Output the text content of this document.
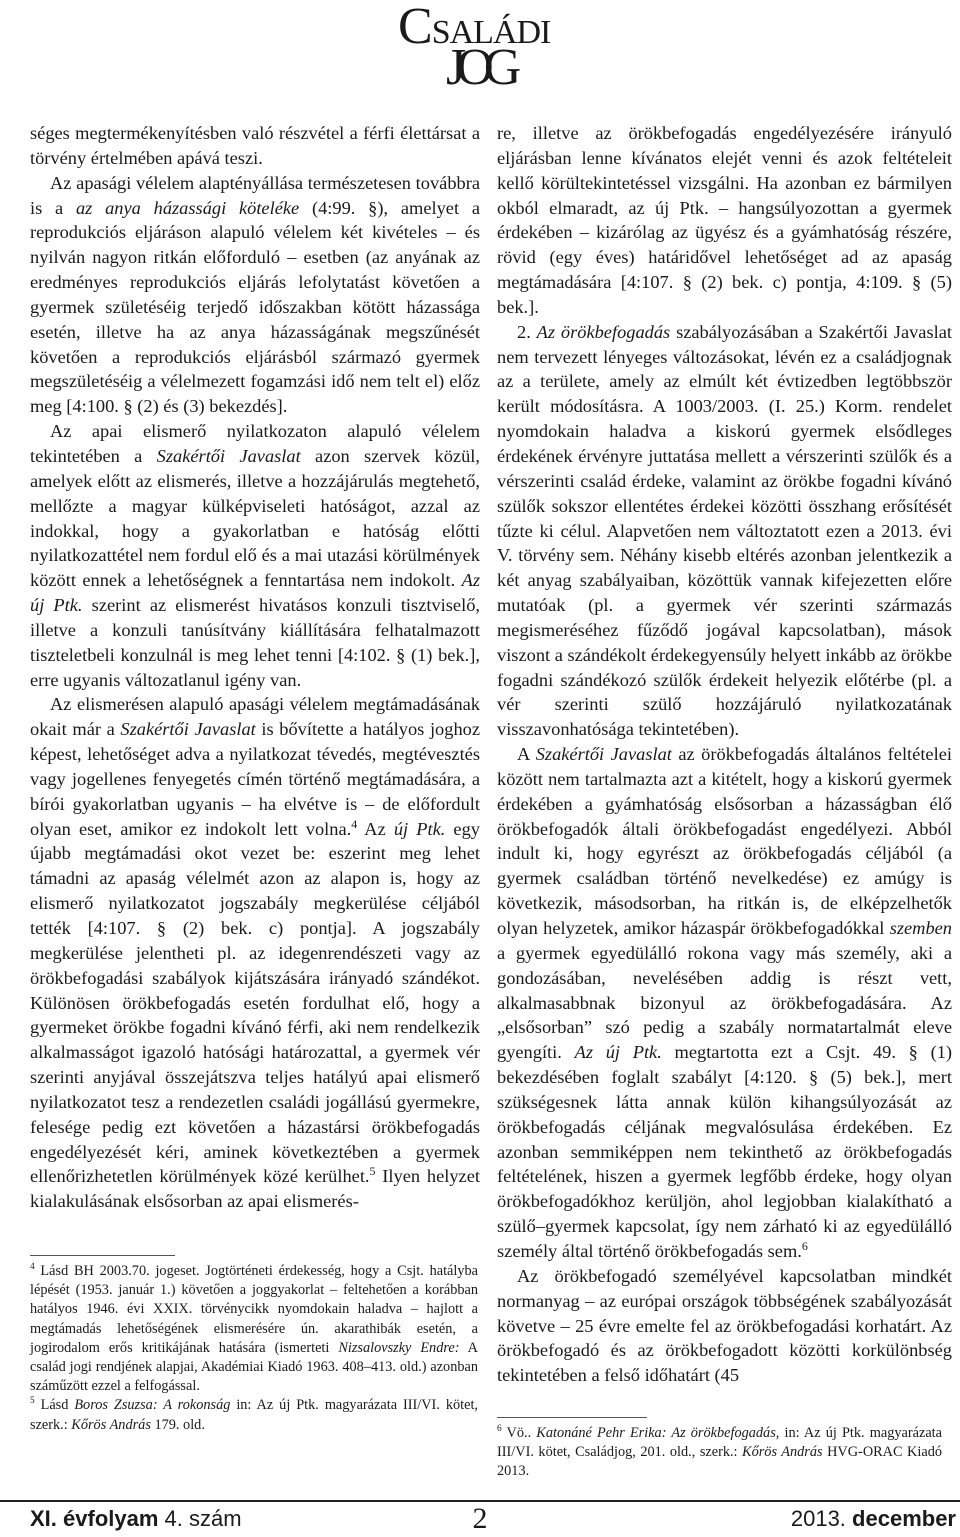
CSALÁDI
JOG

séges megtermékenyítésben való részvétel a férfi élettársat a törvény értelmében apává teszi.

Az apasági vélelem alaptényállása természetesen továbbra is a az anya házassági köteléke (4:99. §), amelyet a reprodukciós eljáráson alapuló vélelem két kivételes – és nyilván nagyon ritkán előforduló – esetben (az anyának az eredményes reprodukciós eljárás lefolytatást követően a gyermek születéséig terjedő időszakban kötött házassága esetén, illetve ha az anya házasságának megszűnését követően a reprodukciós eljárásból származó gyermek megszületéséig a vélelmezett fogamzási idő nem telt el) előz meg [4:100. § (2) és (3) bekezdés].

Az apai elismerő nyilatkozaton alapuló vélelem tekintetében a Szakértői Javaslat azon szervek közül, amelyek előtt az elismerés, illetve a hozzájárulás megtehető, mellőzte a magyar külképviseleti hatóságot, azzal az indokkal, hogy a gyakorlatban e hatóság előtti nyilatkozattétel nem fordul elő és a mai utazási körülmények között ennek a lehetőségnek a fenntartása nem indokolt. Az új Ptk. szerint az elismerést hivatásos konzuli tisztviselő, illetve a konzuli tanúsítvány kiállítására felhatalmazott tiszteletbeli konzulnál is meg lehet tenni [4:102. § (1) bek.], erre ugyanis változatlanul igény van.

Az elismerésen alapuló apasági vélelem megtámadásának okait már a Szakértői Javaslat is bővítette a hatályos joghoz képest, lehetőséget adva a nyilatkozat tévedés, megtévesztés vagy jogellenes fenyegetés címén történő megtámadására, a bírói gyakorlatban ugyanis – ha elvétve is – de előfordult olyan eset, amikor ez indokolt lett volna.$^4$ Az új Ptk. egy újabb megtámadási okot vezet be: eszerint meg lehet támadni az apaság vélelmét azon az alapon is, hogy az elismerő nyilatkozatot jogszabály megkerülése céljából tették [4:107. § (2) bek. c) pontja]. A jogszabály megkerülése jelentheti pl. az idegenrendészeti vagy az örökbefogadási szabályok kijátszására irányadó szándékot. Különösen örökbefogadás esetén fordulhat elő, hogy a gyermeket örökbe fogadni kívánó férfi, aki nem rendelkezik alkalmasságot igazoló hatósági határozattal, a gyermek vér szerinti anyjával összejátszva teljes hatályú apai elismerő nyilatkozatot tesz a rendezetlen családi jogállású gyermekre, felesége pedig ezt követően a házastársi örökbefogadás engedélyezését kéri, aminek következtében a gyermek ellenőrizhetetlen körülmények közé kerülhet.$^5$ Ilyen helyzet kialakulásának elsősorban az apai elismerés-

re, illetve az örökbefogadás engedélyezésére irányuló eljárásban lenne kívánatos elejét venni és azok feltételeit kellő körültekintetéssel vizsgálni. Ha azonban ez bármilyen okból elmaradt, az új Ptk. – hangsúlyozottan a gyermek érdekében – kizárólag az ügyész és a gyámhatóság részére, rövid (egy éves) határidővel lehetőséget ad az apaság megtámadására [4:107. § (2) bek. c) pontja, 4:109. § (5) bek.].

2. Az örökbefogadás szabályozásában a Szakértői Javaslat nem tervezett lényeges változásokat, lévén ez a családjognak az a területe, amely az elmúlt két évtizedben legtöbbször került módosításra. A 1003/2003. (I. 25.) Korm. rendelet nyomdokain haladva a kiskorú gyermek elsődleges érdekének érvényre juttatása mellett a vérszerinti szülők és a vérszerinti család érdeke, valamint az örökbe fogadni kívánó szülők sokszor ellentétes érdekei közötti összhang erősítését tűzte ki célul. Alapvetően nem változtatott ezen a 2013. évi V. törvény sem. Néhány kisebb eltérés azonban jelentkezik a két anyag szabályaiban, közöttük vannak kifejezetten előre mutatóak (pl. a gyermek vér szerinti származás megismeréséhez fűződő jogával kapcsolatban), mások viszont a szándékolt érdekegyensúly helyett inkább az örökbe fogadni szándékozó szülők érdekeit helyezik előtérbe (pl. a vér szerinti szülő hozzájáruló nyilatkozatának visszavonhatósága tekintetében).

A Szakértői Javaslat az örökbefogadás általános feltételei között nem tartalmazta azt a kitételt, hogy a kiskorú gyermek érdekében a gyámhatóság elsősorban a házasságban élő örökbefogadók általi örökbefogadást engedélyezi. Abból indult ki, hogy egyrészt az örökbefogadás céljából (a gyermek családban történő nevelkedése) ez amúgy is következik, másodsorban, ha ritkán is, de elképzelhetők olyan helyzetek, amikor házaspár örökbefogadókkal szemben a gyermek egyedülálló rokona vagy más személy, aki a gondozásában, nevelésében addig is részt vett, alkalmasabbnak bizonyul az örökbefogadására. Az „elsősorban” szó pedig a szabály normatartalmát eleve gyengíti. Az új Ptk. megtartotta ezt a Csjt. 49. § (1) bekezdésében foglalt szabályt [4:120. § (5) bek.], mert szükségesnek látta annak külön kihangsúlyozását az örökbefogadás céljának megvalósulása érdekében. Ez azonban semmiképpen nem tekinthető az örökbefogadás feltételének, hiszen a gyermek legfőbb érdeke, hogy olyan örökbefogadókhoz kerüljön, ahol legjobban kialakítható a szülő–gyermek kapcsolat, így nem zárható ki az egyedülálló személy által történő örökbefogadás sem.$^6$

Az örökbefogadó személyével kapcsolatban mindkét normanyag – az európai országok többségének szabályozását követve – 25 évre emelte fel az örökbefogadási korhatárt. Az örökbefogadó és az örökbefogadott közötti korkülönbség tekintetében a felső időhatárt (45

$^4$ Lásd BH 2003.70. jogeset. Jogtörténeti érdekesség, hogy a Csjt. hatályba lépését (1953. január 1.) követően a joggyakorlat – feltehetően a korábban hatályos 1946. évi XXIX. törvénycikk nyomdokain haladva – hajlott a megtámadás lehetőségének elismerésére ún. akarathibák esetén, a jogirodalom erős kritikájának hatására (ismerteti Nizsalovszky Endre: A család jogi rendjének alapjai, Akadémiai Kiadó 1963. 408–413. old.) azonban száműzött ezzel a felfogással.

$^5$ Lásd Boros Zsuzsa: A rokonság in: Az új Ptk. magyarázata III/VI. kötet, szerk.: Kőrös András 179. old.	$^6$ Vö.. Katonáné Pehr Erika: Az örökbefogadás, in: Az új Ptk. magyarázata III/VI. kötet, Családjog, 201. old., szerk.: Kőrös András HVG-ORAC Kiadó 2013.

XI. évfolyam 4. szám	2	2013. december
